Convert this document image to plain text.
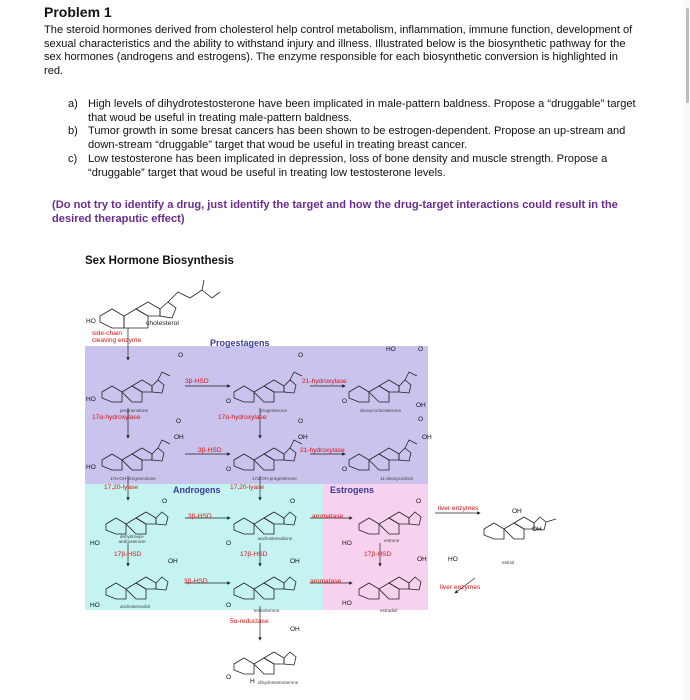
Problem 1
The steroid hormones derived from cholesterol help control metabolism, inflammation, immune function, development of sexual characteristics and the ability to withstand injury and illness. Illustrated below is the biosynthetic pathway for the sex hormones (androgens and estrogens). The enzyme responsible for each biosynthetic conversion is highlighted in red.
a) High levels of dihydrotestosterone have been implicated in male-pattern baldness. Propose a “druggable” target that woud be useful in treating male-pattern baldness.
b) Tumor growth in some bresat cancers has been shown to be estrogen-dependent. Propose an up-stream and down-stream “druggable” target that woud be useful in treating breast cancer.
c) Low testosterone has been implicated in depression, loss of bone density and muscle strength. Propose a “druggable” target that woud be useful in treating low testosterone levels.
(Do not try to identify a drug, just identify the target and how the drug-target interactions could result in the desired theraputic effect)
Sex Hormone Biosynthesis
Progestagens
Androgens	Estrogens
cholesterol
pregnenolone	progesterone	deoxycorticosterone
17α-OH-pregnenolone	17α-OH-progesterone	11-deoxycortisol
dehydroepi-androsterone
androstenedione	estrone
estriol
androstenediol
testosterone	estradiol
dihydrotestosterone
side-chain cleaving enzyme
3β-HSD	21-hydroxylase
17α-hydroxylase	17α-hydroxylase
3β-HSD	21-hydroxylase
17,20-lyase	17,20-lyase
3β-HSD	aromatase
liver enzymes
17β-HSD	17β-HSD	17β-HSD
3β-HSD	aromatase
liver enzymes
5α-reductase
HO
HO
HO
HO
HO
HO
HO
HO
HO
O	O
O
O	O
O	O	O
O	O
O
O
O
O	O	O
OH
OH	OH	OH
OH	OH	OH
OH
OH
OH
H
